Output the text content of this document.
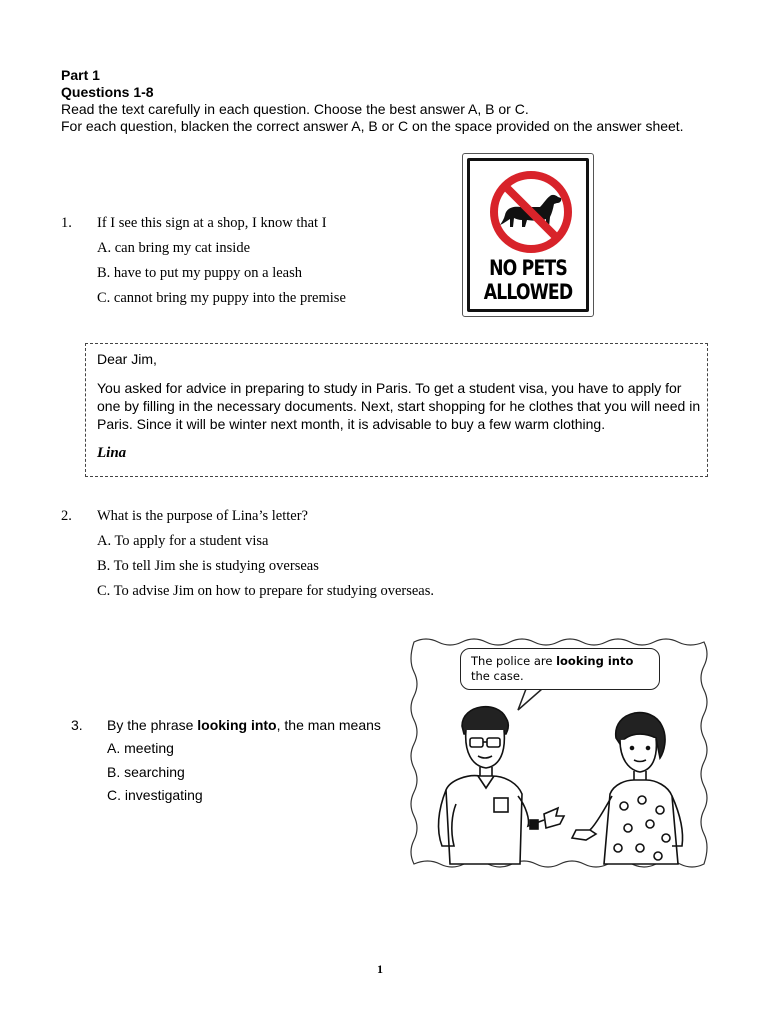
Part 1
Questions 1-8
Read the text carefully in each question. Choose the best answer A, B or C.
For each question, blacken the correct answer A, B or C on the space provided on the answer sheet.
1. If I see this sign at a shop, I know that I
A. can bring my cat inside
B. have to put my puppy on a leash
C. cannot bring my puppy into the premise
NO PETS
ALLOWED
Dear Jim,
You asked for advice in preparing to study in Paris. To get a student visa, you have to apply for one by filling in the necessary documents. Next, start shopping for he clothes that you will need in Paris. Since it will be winter next month, it is advisable to buy a few warm clothing.
Lina
2. What is the purpose of Lina’s letter?
A. To apply for a student visa
B. To tell Jim she is studying overseas
C. To advise Jim on how to prepare for studying overseas.
3. By the phrase looking into, the man means
A. meeting
B. searching
C. investigating
The police are looking into the case.
1
